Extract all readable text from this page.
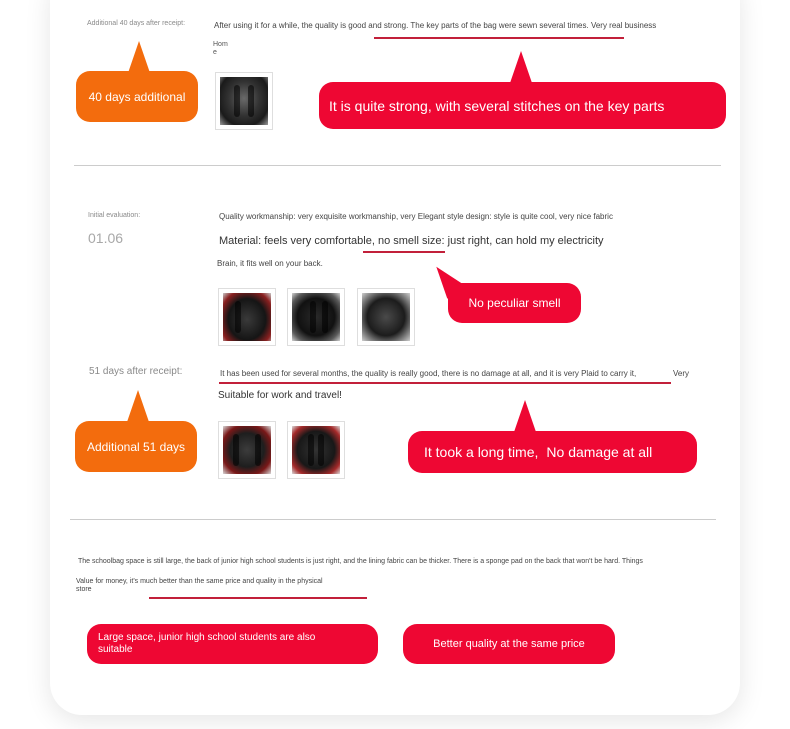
Additional 40 days after receipt:	After using it for a while, the quality is good and strong. The key parts of the bag were sewn several times. Very real business
Hom
e
40 days additional
It is quite strong, with several stitches on the key parts
Initial evaluation:
01.06
Quality workmanship: very exquisite workmanship, very Elegant style design: style is quite cool, very nice fabric
Material: feels very comfortable, no smell size: just right, can hold my electricity
Brain, it fits well on your back.
No peculiar smell
51 days after receipt:	It has been used for several months, the quality is really good, there is no damage at all, and it is very Plaid to carry it,	Very
Suitable for work and travel!
Additional 51 days	It took a long time, No damage at all
The schoolbag space is still large, the back of junior high school students is just right, and the lining fabric can be thicker. There is a sponge pad on the back that won't be hard. Things
Value for money, it's much better than the same price and quality in the physical
store
Large space, junior high school students are also suitable	Better quality at the same price
